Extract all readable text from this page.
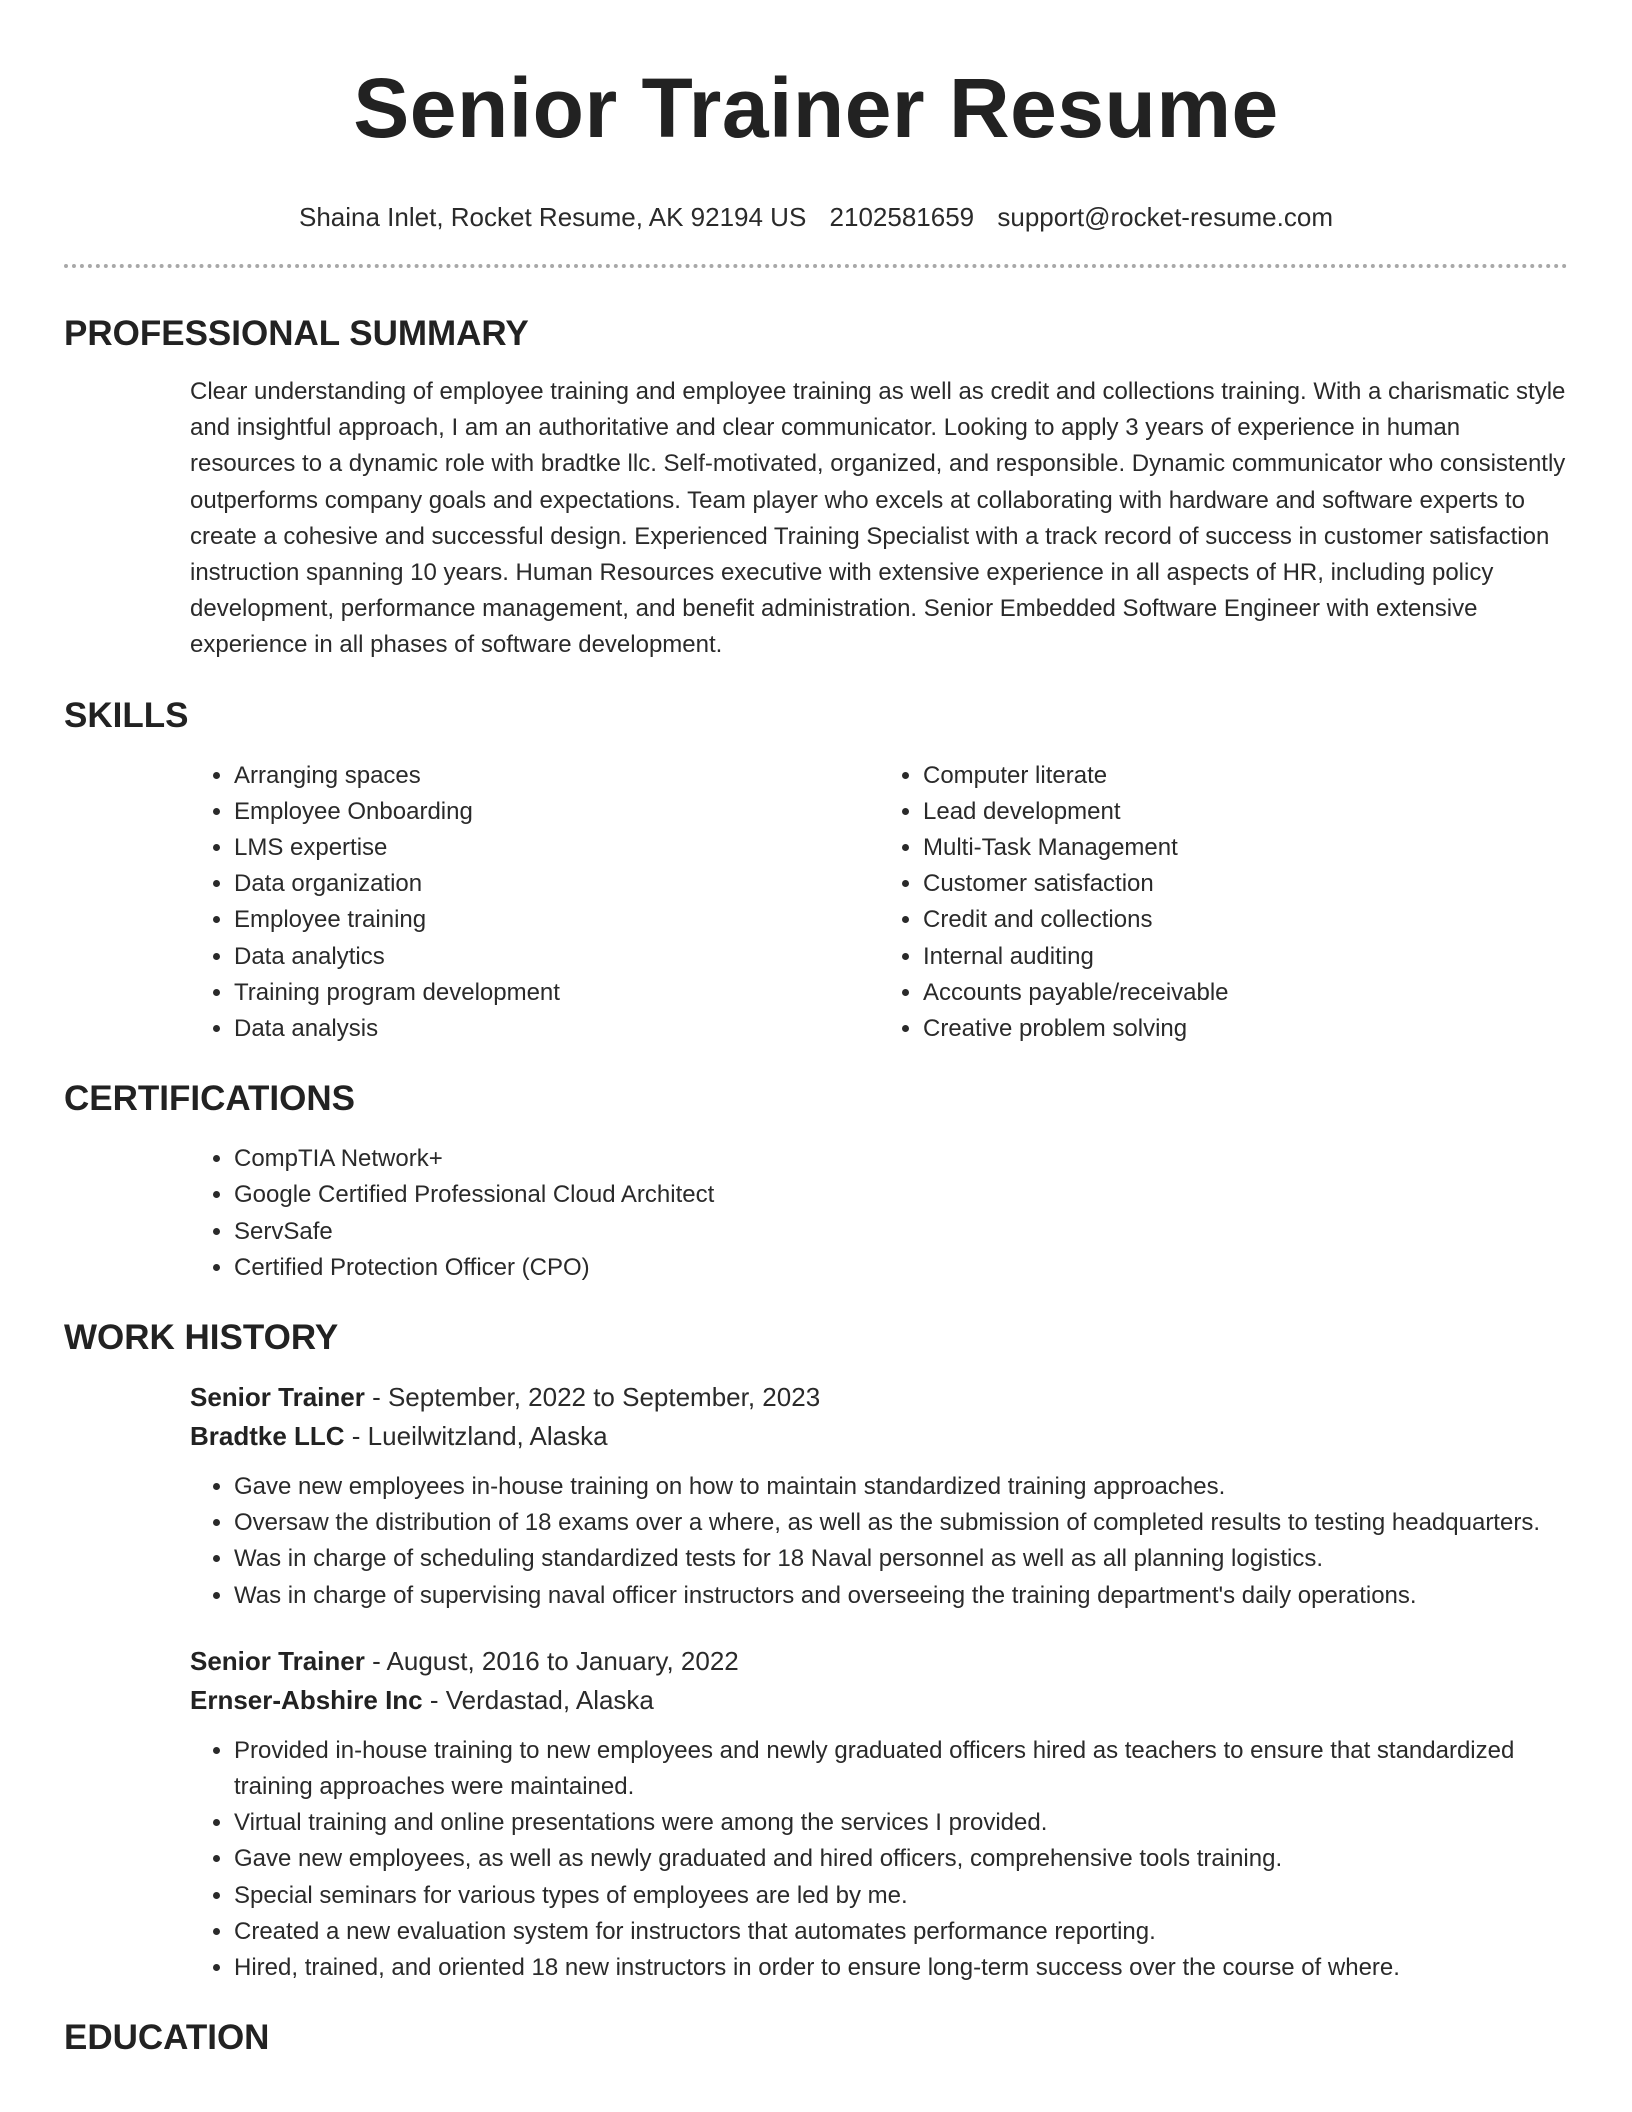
Senior Trainer Resume
Shaina Inlet, Rocket Resume, AK 92194 US 2102581659 support@rocket-resume.com
PROFESSIONAL SUMMARY

Clear understanding of employee training and employee training as well as credit and collections training. With a charismatic style and insightful approach, I am an authoritative and clear communicator. Looking to apply 3 years of experience in human resources to a dynamic role with bradtke llc. Self-motivated, organized, and responsible. Dynamic communicator who consistently outperforms company goals and expectations. Team player who excels at collaborating with hardware and software experts to create a cohesive and successful design. Experienced Training Specialist with a track record of success in customer satisfaction instruction spanning 10 years. Human Resources executive with extensive experience in all aspects of HR, including policy development, performance management, and benefit administration. Senior Embedded Software Engineer with extensive experience in all phases of software development.

SKILLS
• Arranging spaces
• Employee Onboarding
• LMS expertise
• Data organization
• Employee training
• Data analytics
• Training program development
• Data analysis
• Computer literate
• Lead development
• Multi-Task Management
• Customer satisfaction
• Credit and collections
• Internal auditing
• Accounts payable/receivable
• Creative problem solving
CERTIFICATIONS
• CompTIA Network+
• Google Certified Professional Cloud Architect
• ServSafe
• Certified Protection Officer (CPO)
WORK HISTORY
Senior Trainer - September, 2022 to September, 2023
Bradtke LLC - Lueilwitzland, Alaska
• Gave new employees in-house training on how to maintain standardized training approaches.
• Oversaw the distribution of 18 exams over a where, as well as the submission of completed results to testing headquarters.
• Was in charge of scheduling standardized tests for 18 Naval personnel as well as all planning logistics.
• Was in charge of supervising naval officer instructors and overseeing the training department's daily operations.
Senior Trainer - August, 2016 to January, 2022
Ernser-Abshire Inc - Verdastad, Alaska
• Provided in-house training to new employees and newly graduated officers hired as teachers to ensure that standardized training approaches were maintained.
• Virtual training and online presentations were among the services I provided.
• Gave new employees, as well as newly graduated and hired officers, comprehensive tools training.
• Special seminars for various types of employees are led by me.
• Created a new evaluation system for instructors that automates performance reporting.
• Hired, trained, and oriented 18 new instructors in order to ensure long-term success over the course of where.
EDUCATION
